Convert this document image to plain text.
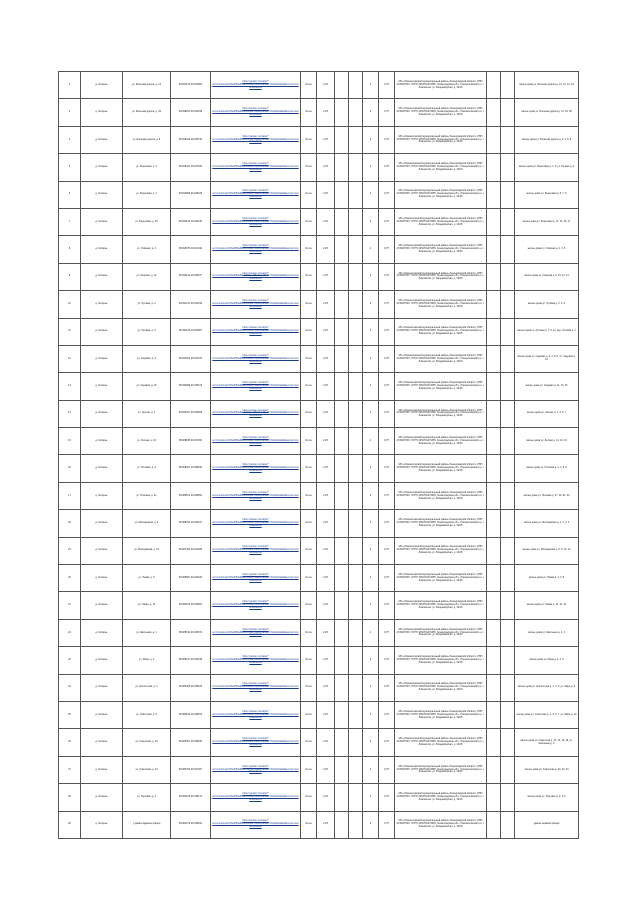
2	д. Копорье	ул. Большая дорога, д. 14	59.697132 29.024581	https://yandex.ru/maps/?um=constructor%3A2f59a8be4c6b3ee7f8d21c0a5e9b7f1c3d4e6a2b&source=constructorLink	бетон	2,25			2	0,75	МО «Ломоносовский муниципальный район» Ленинградской области, ИНН 4720007367, ОГРН 1054701274055. Ленинградская обл., Ломоносовский р-н, г. Ломоносов, ул. Владимирская, д. 19/15			жилые дома ул. Большая дорога д. 10, 12, 14, 16
3	д. Копорье	ул. Большая дорога, д. 33	59.698231 29.023918	https://yandex.ru/maps/?um=constructor%3A2f59a8be4c6b3ee7f8d21c0a5e9b7f1c3d4e6a2b&source=constructorLink	бетон	2,25			2	0,75	МО «Ломоносовский муниципальный район» Ленинградской области, ИНН 4720007367, ОГРН 1054701274055. Ленинградская обл., Ломоносовский р-н, г. Ломоносов, ул. Владимирская, д. 19/15			жилые дома ул. Большая дорога д. 31, 33, 35
4	д. Копорье	ул. Большая дорога, д. 8	59.696022 29.025744	https://yandex.ru/maps/?um=constructor%3A2f59a8be4c6b3ee7f8d21c0a5e9b7f1c3d4e6a2b&source=constructorLink	бетон	2,25			2	0,75	МО «Ломоносовский муниципальный район» Ленинградской области, ИНН 4720007367, ОГРН 1054701274055. Ленинградская обл., Ломоносовский р-н, г. Ломоносов, ул. Владимирская, д. 19/15			жилые дома ул. Большая дорога д. 2, 4, 6, 8
5	д. Копорье	ул. Береговая, д. 1	59.695441 29.027810	https://yandex.ru/maps/?um=constructor%3A2f59a8be4c6b3ee7f8d21c0a5e9b7f1c3d4e6a2b&source=constructorLink	бетон	2,25			2	0,75	МО «Ломоносовский муниципальный район» Ленинградской области, ИНН 4720007367, ОГРН 1054701274055. Ленинградская обл., Ломоносовский р-н, г. Ломоносов, ул. Владимирская, д. 19/15			жилые дома ул. Береговая д. 1, 3; ул. Речная д. 2
6	д. Копорье	ул. Береговая, д. 7	59.694983 29.028415	https://yandex.ru/maps/?um=constructor%3A2f59a8be4c6b3ee7f8d21c0a5e9b7f1c3d4e6a2b&source=constructorLink	бетон	2,25			2	0,75	МО «Ломоносовский муниципальный район» Ленинградской области, ИНН 4720007367, ОГРН 1054701274055. Ленинградская обл., Ломоносовский р-н, г. Ломоносов, ул. Владимирская, д. 19/15			жилые дома ул. Береговая д. 5, 7, 9
7	д. Копорье	ул. Береговая, д. 15	59.694512 29.029130	https://yandex.ru/maps/?um=constructor%3A2f59a8be4c6b3ee7f8d21c0a5e9b7f1c3d4e6a2b&source=constructorLink	бетон	2,25			2	0,75	МО «Ломоносовский муниципальный район» Ленинградской области, ИНН 4720007367, ОГРН 1054701274055. Ленинградская обл., Ломоносовский р-н, г. Ломоносов, ул. Владимирская, д. 19/15			жилые дома ул. Береговая д. 11, 13, 15, 17
8	д. Копорье	ул. Озёрная, д. 3	59.693876 29.021342	https://yandex.ru/maps/?um=constructor%3A2f59a8be4c6b3ee7f8d21c0a5e9b7f1c3d4e6a2b&source=constructorLink	бетон	2,25			2	0,75	МО «Ломоносовский муниципальный район» Ленинградской области, ИНН 4720007367, ОГРН 1054701274055. Ленинградская обл., Ломоносовский р-н, г. Ломоносов, ул. Владимирская, д. 19/15			жилые дома ул. Озёрная д. 1, 3, 5
9	д. Копорье	ул. Озёрная, д. 12	59.693214 29.020877	https://yandex.ru/maps/?um=constructor%3A2f59a8be4c6b3ee7f8d21c0a5e9b7f1c3d4e6a2b&source=constructorLink	бетон	2,25			2	0,75	МО «Ломоносовский муниципальный район» Ленинградской области, ИНН 4720007367, ОГРН 1054701274055. Ленинградская обл., Ломоносовский р-н, г. Ломоносов, ул. Владимирская, д. 19/15			жилые дома ул. Озёрная д. 8, 10, 12, 14
10	д. Копорье	ул. Луговая, д. 2	59.692741 29.022516	https://yandex.ru/maps/?um=constructor%3A2f59a8be4c6b3ee7f8d21c0a5e9b7f1c3d4e6a2b&source=constructorLink	бетон	2,25			2	0,75	МО «Ломоносовский муниципальный район» Ленинградской области, ИНН 4720007367, ОГРН 1054701274055. Ленинградская обл., Ломоносовский р-н, г. Ломоносов, ул. Владимирская, д. 19/15			жилые дома ул. Луговая д. 2, 4, 6
11	д. Копорье	ул. Луговая, д. 9	59.692115 29.023087	https://yandex.ru/maps/?um=constructor%3A2f59a8be4c6b3ee7f8d21c0a5e9b7f1c3d4e6a2b&source=constructorLink	бетон	2,25			2	0,75	МО «Ломоносовский муниципальный район» Ленинградской области, ИНН 4720007367, ОГРН 1054701274055. Ленинградская обл., Ломоносовский р-н, г. Ломоносов, ул. Владимирская, д. 19/15			жилые дома ул. Луговая д. 7, 9, 11; пер. Луговой д. 1
12	д. Копорье	ул. Садовая, д. 4	59.691603 29.024372	https://yandex.ru/maps/?um=constructor%3A2f59a8be4c6b3ee7f8d21c0a5e9b7f1c3d4e6a2b&source=constructorLink	бетон	2,25			2	0,75	МО «Ломоносовский муниципальный район» Ленинградской области, ИНН 4720007367, ОГРН 1054701274055. Ленинградская обл., Ломоносовский р-н, г. Ломоносов, ул. Владимирская, д. 19/15			жилые дома ул. Садовая д. 2, 4, 6, 8; ул. Садовая д. 10
13	д. Копорье	ул. Садовая, д. 15	59.690982 29.025119	https://yandex.ru/maps/?um=constructor%3A2f59a8be4c6b3ee7f8d21c0a5e9b7f1c3d4e6a2b&source=constructorLink	бетон	2,25			2	0,75	МО «Ломоносовский муниципальный район» Ленинградской области, ИНН 4720007367, ОГРН 1054701274055. Ленинградская обл., Ломоносовский р-н, г. Ломоносов, ул. Владимирская, д. 19/15			жилые дома ул. Садовая д. 11, 13, 15
14	д. Копорье	ул. Лесная, д. 3	59.690447 29.026608	https://yandex.ru/maps/?um=constructor%3A2f59a8be4c6b3ee7f8d21c0a5e9b7f1c3d4e6a2b&source=constructorLink	бетон	2,25			2	0,75	МО «Ломоносовский муниципальный район» Ленинградской области, ИНН 4720007367, ОГРН 1054701274055. Ленинградская обл., Ломоносовский р-н, г. Ломоносов, ул. Владимирская, д. 19/15			жилые дома ул. Лесная д. 1, 3, 5, 7
15	д. Копорье	ул. Лесная, д. 18	59.689835 29.027254	https://yandex.ru/maps/?um=constructor%3A2f59a8be4c6b3ee7f8d21c0a5e9b7f1c3d4e6a2b&source=constructorLink	бетон	2,25			2	0,75	МО «Ломоносовский муниципальный район» Ленинградской области, ИНН 4720007367, ОГРН 1054701274055. Ленинградская обл., Ломоносовский р-н, г. Ломоносов, ул. Владимирская, д. 19/15			жилые дома ул. Лесная д. 14, 16, 18
16	д. Копорье	ул. Полевая, д. 6	59.689201 29.028043	https://yandex.ru/maps/?um=constructor%3A2f59a8be4c6b3ee7f8d21c0a5e9b7f1c3d4e6a2b&source=constructorLink	бетон	2,25			2	0,75	МО «Ломоносовский муниципальный район» Ленинградской области, ИНН 4720007367, ОГРН 1054701274055. Ленинградская обл., Ломоносовский р-н, г. Ломоносов, ул. Владимирская, д. 19/15			жилые дома ул. Полевая д. 2, 4, 6, 8
17	д. Копорье	ул. Полевая, д. 21	59.688672 29.028891	https://yandex.ru/maps/?um=constructor%3A2f59a8be4c6b3ee7f8d21c0a5e9b7f1c3d4e6a2b&source=constructorLink	бетон	2,25			2	0,75	МО «Ломоносовский муниципальный район» Ленинградской области, ИНН 4720007367, ОГРН 1054701274055. Ленинградская обл., Ломоносовский р-н, г. Ломоносов, ул. Владимирская, д. 19/15			жилые дома ул. Полевая д. 17, 19, 21, 23
18	д. Копорье	ул. Молодёжная, д. 2	59.688014 29.030157	https://yandex.ru/maps/?um=constructor%3A2f59a8be4c6b3ee7f8d21c0a5e9b7f1c3d4e6a2b&source=constructorLink	бетон	2,25			2	0,75	МО «Ломоносовский муниципальный район» Ленинградской области, ИНН 4720007367, ОГРН 1054701274055. Ленинградская обл., Ломоносовский р-н, г. Ломоносов, ул. Владимирская, д. 19/15			жилые дома ул. Молодёжная д. 1, 2, 3, 4
19	д. Копорье	ул. Молодёжная, д. 10	59.687493 29.031268	https://yandex.ru/maps/?um=constructor%3A2f59a8be4c6b3ee7f8d21c0a5e9b7f1c3d4e6a2b&source=constructorLink	бетон	2,25			2	0,75	МО «Ломоносовский муниципальный район» Ленинградской области, ИНН 4720007367, ОГРН 1054701274055. Ленинградская обл., Ломоносовский р-н, г. Ломоносов, ул. Владимирская, д. 19/15			жилые дома ул. Молодёжная д. 6, 8, 10, 12
20	д. Копорье	ул. Новая, д. 5	59.686827 29.032034	https://yandex.ru/maps/?um=constructor%3A2f59a8be4c6b3ee7f8d21c0a5e9b7f1c3d4e6a2b&source=constructorLink	бетон	2,25			2	0,75	МО «Ломоносовский муниципальный район» Ленинградской области, ИНН 4720007367, ОГРН 1054701274055. Ленинградская обл., Ломоносовский р-н, г. Ломоносов, ул. Владимирская, д. 19/15			жилые дома ул. Новая д. 1, 3, 5
21	д. Копорье	ул. Новая, д. 14	59.686210 29.032801	https://yandex.ru/maps/?um=constructor%3A2f59a8be4c6b3ee7f8d21c0a5e9b7f1c3d4e6a2b&source=constructorLink	бетон	2,25			2	0,75	МО «Ломоносовский муниципальный район» Ленинградской области, ИНН 4720007367, ОГРН 1054701274055. Ленинградская обл., Ломоносовский р-н, г. Ломоносов, ул. Владимирская, д. 19/15			жилые дома ул. Новая д. 10, 12, 14
22	д. Копорье	ул. Школьная, д. 1	59.685644 29.033572	https://yandex.ru/maps/?um=constructor%3A2f59a8be4c6b3ee7f8d21c0a5e9b7f1c3d4e6a2b&source=constructorLink	бетон	2,25			2	0,75	МО «Ломоносовский муниципальный район» Ленинградской области, ИНН 4720007367, ОГРН 1054701274055. Ленинградская обл., Ломоносовский р-н, г. Ломоносов, ул. Владимирская, д. 19/15			жилые дома ул. Школьная д. 1, 3
23	д. Копорье	ул. Мира, д. 2	59.685017 29.034339	https://yandex.ru/maps/?um=constructor%3A2f59a8be4c6b3ee7f8d21c0a5e9b7f1c3d4e6a2b&source=constructorLink	бетон	2,25			2	0,75	МО «Ломоносовский муниципальный район» Ленинградской области, ИНН 4720007367, ОГРН 1054701274055. Ленинградская обл., Ломоносовский р-н, г. Ломоносов, ул. Владимирская, д. 19/15			жилые дома ул. Мира д. 2, 4, 6
24	д. Копорье	ул. Крепостная, д. 3	59.684485 29.035106	https://yandex.ru/maps/?um=constructor%3A2f59a8be4c6b3ee7f8d21c0a5e9b7f1c3d4e6a2b&source=constructorLink	бетон	2,25			2	0,75	МО «Ломоносовский муниципальный район» Ленинградской области, ИНН 4720007367, ОГРН 1054701274055. Ленинградская обл., Ломоносовский р-н, г. Ломоносов, ул. Владимирская, д. 19/15			жилые дома ул. Крепостная д. 1, 3, 5; ул. Мира д. 8
25	д. Копорье	ул. Советская, д. 5	59.683912 29.035873	https://yandex.ru/maps/?um=constructor%3A2f59a8be4c6b3ee7f8d21c0a5e9b7f1c3d4e6a2b&source=constructorLink	бетон	2,25			2	0,75	МО «Ломоносовский муниципальный район» Ленинградской области, ИНН 4720007367, ОГРН 1054701274055. Ленинградская обл., Ломоносовский р-н, г. Ломоносов, ул. Владимирская, д. 19/15			жилые дома ул. Советская д. 1, 3, 5, 7; ул. Мира д. 10
26	д. Копорье	ул. Советская, д. 16	59.683301 29.036640	https://yandex.ru/maps/?um=constructor%3A2f59a8be4c6b3ee7f8d21c0a5e9b7f1c3d4e6a2b&source=constructorLink	бетон	2,25			2	0,75	МО «Ломоносовский муниципальный район» Ленинградской области, ИНН 4720007367, ОГРН 1054701274055. Ленинградская обл., Ломоносовский р-н, г. Ломоносов, ул. Владимирская, д. 19/15			жилые дома ул. Советская д. 12, 14, 16, 18; ул. Школьная д. 5
27	д. Копорье	ул. Советская, д. 24	59.682754 29.037407	https://yandex.ru/maps/?um=constructor%3A2f59a8be4c6b3ee7f8d21c0a5e9b7f1c3d4e6a2b&source=constructorLink	бетон	2,25			2	0,75	МО «Ломоносовский муниципальный район» Ленинградской области, ИНН 4720007367, ОГРН 1054701274055. Ленинградская обл., Ломоносовский р-н, г. Ломоносов, ул. Владимирская, д. 19/15			жилые дома ул. Советская д. 20, 22, 24
28	д. Копорье	ул. Торговая, д. 4	59.682128 29.038174	https://yandex.ru/maps/?um=constructor%3A2f59a8be4c6b3ee7f8d21c0a5e9b7f1c3d4e6a2b&source=constructorLink	бетон	2,25			2	0,75	МО «Ломоносовский муниципальный район» Ленинградской области, ИНН 4720007367, ОГРН 1054701274055. Ленинградская обл., Ломоносовский р-н, г. Ломоносов, ул. Владимирская, д. 19/15			жилые дома ул. Торговая д. 2, 4, 6
29	д. Копорье	у здания администрации	59.681573 29.038941	https://yandex.ru/maps/?um=constructor%3A2f59a8be4c6b3ee7f8d21c0a5e9b7f1c3d4e6a2b&source=constructorLink	бетон	2,25			2	0,75	МО «Ломоносовский муниципальный район» Ленинградской области, ИНН 4720007367, ОГРН 1054701274055. Ленинградская обл., Ломоносовский р-н, г. Ломоносов, ул. Владимирская, д. 19/15			здание администрации
